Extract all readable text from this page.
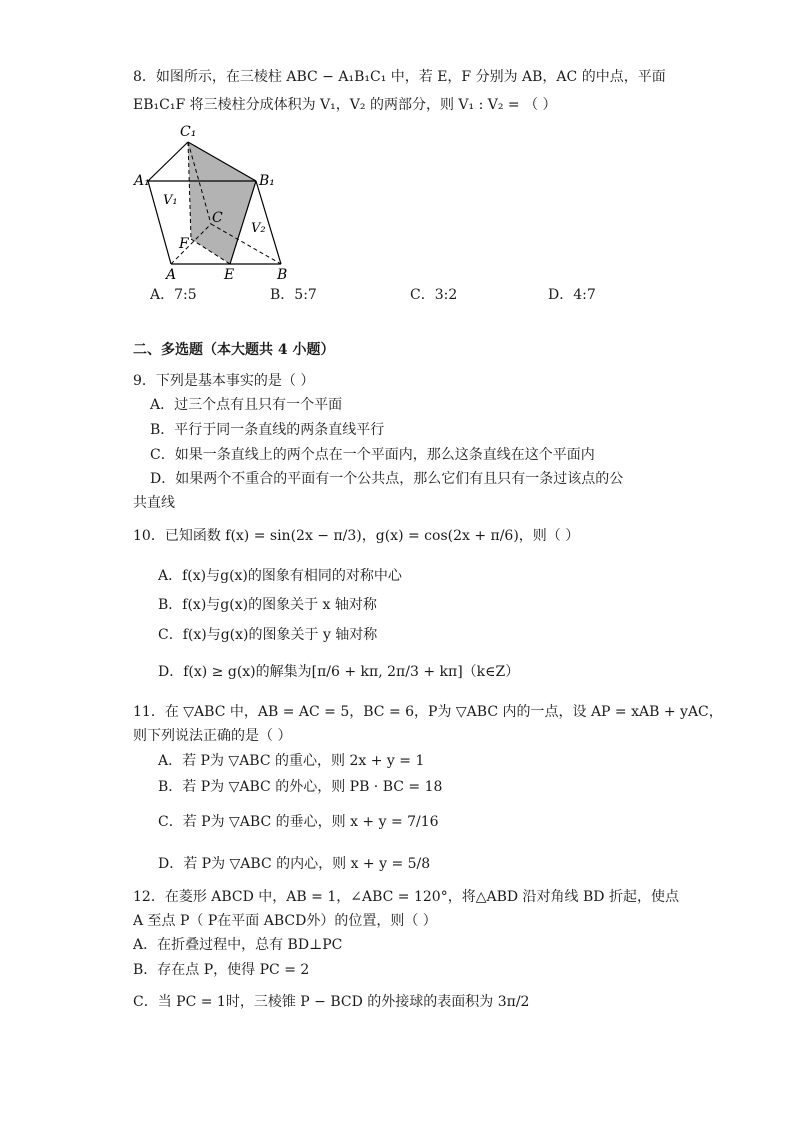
8．如图所示，在三棱柱 ABC − A₁B₁C₁ 中，若 E，F 分别为 AB，AC 的中点，平面
EB₁C₁F 将三棱柱分成体积为 V₁，V₂ 的两部分，则 V₁ : V₂ = （ ）
C₁
A₁	B₁
V₁
V₂
C
F
A	E	B
A．7:5	B．5:7	C．3:2	D．4:7
二、多选题（本大题共 4 小题）
9．下列是基本事实的是（ ）
A．过三个点有且只有一个平面
B．平行于同一条直线的两条直线平行
C．如果一条直线上的两个点在一个平面内，那么这条直线在这个平面内
D．如果两个不重合的平面有一个公共点，那么它们有且只有一条过该点的公
共直线
10．已知函数 f(x) = sin(2x − π/3)，g(x) = cos(2x + π/6)，则（ ）
A．f(x)与g(x)的图象有相同的对称中心
B．f(x)与g(x)的图象关于 x 轴对称
C．f(x)与g(x)的图象关于 y 轴对称
D．f(x) ≥ g(x)的解集为[π/6 + kπ, 2π/3 + kπ]（k∈Z）
11．在 ▽ABC 中，AB = AC = 5，BC = 6，P为 ▽ABC 内的一点，设 AP = xAB + yAC，
则下列说法正确的是（ ）
A．若 P为 ▽ABC 的重心，则 2x + y = 1
B．若 P为 ▽ABC 的外心，则 PB · BC = 18
C．若 P为 ▽ABC 的垂心，则 x + y = 7/16
D．若 P为 ▽ABC 的内心，则 x + y = 5/8
12．在菱形 ABCD 中，AB = 1，∠ABC = 120°，将△ABD 沿对角线 BD 折起，使点
A 至点 P（ P在平面 ABCD外）的位置，则（ ）
A．在折叠过程中，总有 BD⊥PC
B．存在点 P，使得 PC = 2
C．当 PC = 1时，三棱锥 P − BCD 的外接球的表面积为 3π/2
